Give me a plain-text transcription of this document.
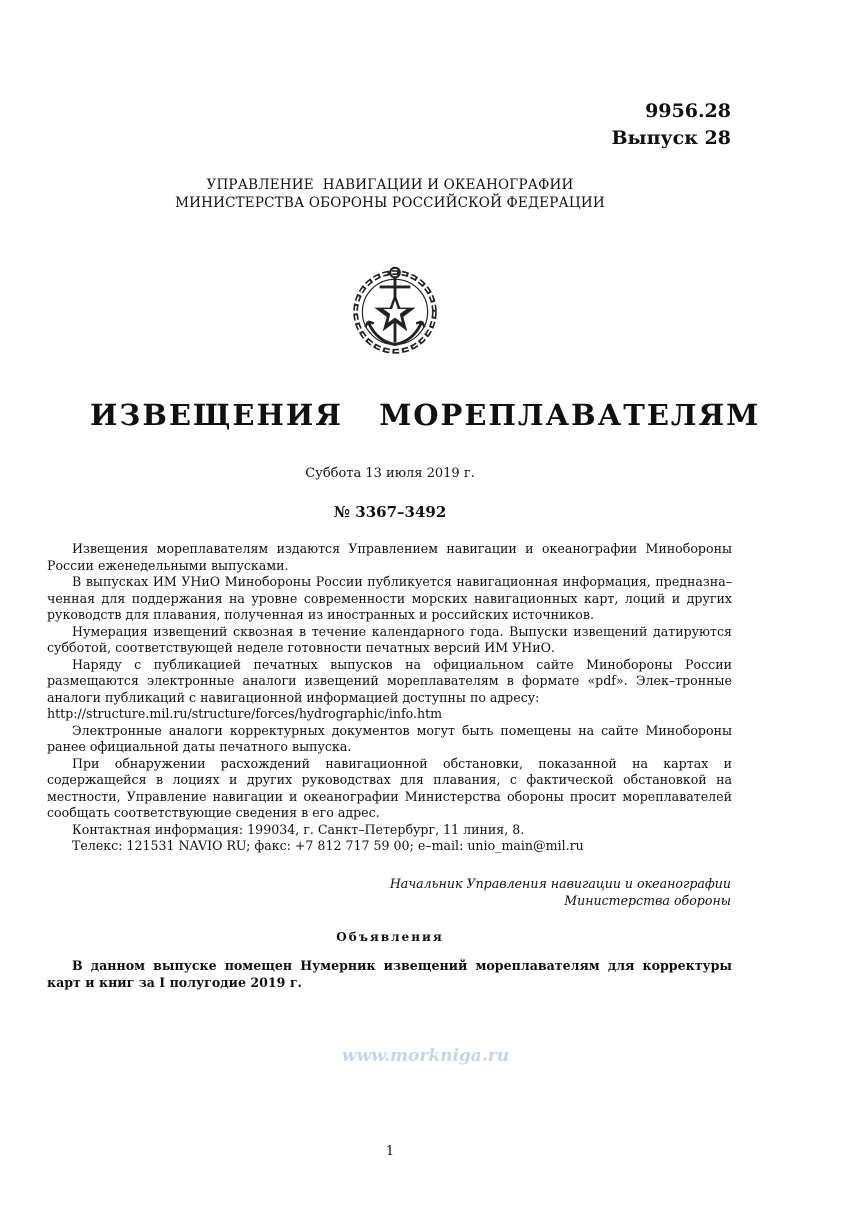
9956.28
Выпуск 28
УПРАВЛЕНИЕ  НАВИГАЦИИ И ОКЕАНОГРАФИИ
МИНИСТЕРСТВА ОБОРОНЫ РОССИЙСКОЙ ФЕДЕРАЦИИ
ИЗВЕЩЕНИЯ   МОРЕПЛАВАТЕЛЯМ
Суббота 13 июля 2019 г.
№ 3367–3492

Извещения мореплавателям издаются Управлением навигации и океанографии Минобороны России еженедельными выпусками.

В выпусках ИМ УНиО Минобороны России публикуется навигационная информация, предназна–ченная для поддержания на уровне современности морских навигационных карт, лоций и других руководств для плавания, полученная из иностранных и российских источников.

Нумерация извещений сквозная в течение календарного года. Выпуски извещений датируются субботой, соответствующей неделе готовности печатных версий ИМ УНиО.

Наряду с публикацией печатных выпусков на официальном сайте Минобороны России размещаются электронные аналоги извещений мореплавателям в формате «pdf». Элек–тронные аналоги публикаций с навигационной информацией доступны по адресу:

http://structure.mil.ru/structure/forces/hydrographic/info.htm

Электронные аналоги корректурных документов могут быть помещены на сайте Минобороны ранее официальной даты печатного выпуска.

При обнаружении расхождений навигационной обстановки, показанной на картах и содержащейся в лоциях и других руководствах для плавания, с фактической обстановкой на местности, Управление навигации и океанографии Министерства обороны просит мореплавателей сообщать соответствующие сведения в его адрес.

Контактная информация: 199034, г. Санкт–Петербург, 11 линия, 8.

Телекс: 121531 NAVIO RU; факс: +7 812 717 59 00; e–mail: unio_main@mil.ru

Начальник Управления навигации и океанографии
Министерства обороны
Объявления

В данном выпуске помещен Нумерник извещений мореплавателям для корректуры карт и книг за I полугодие 2019 г.

www.morkniga.ru
1
